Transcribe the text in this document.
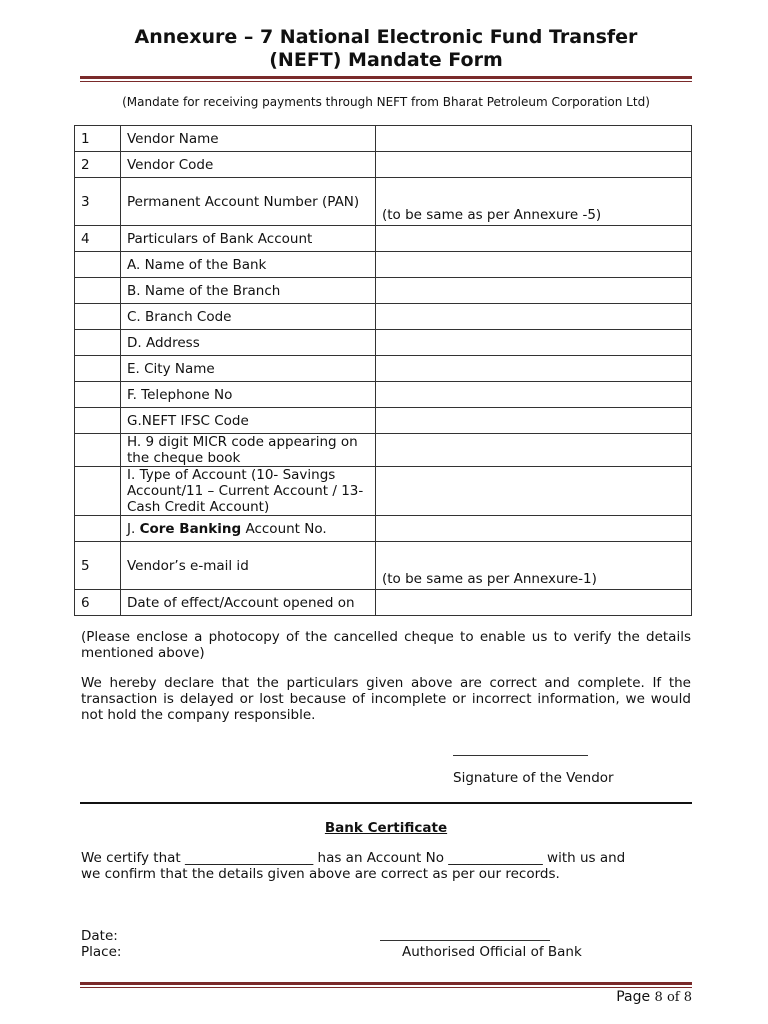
Annexure – 7 National Electronic Fund Transfer
(NEFT) Mandate Form
(Mandate for receiving payments through NEFT from Bharat Petroleum Corporation Ltd)
1	Vendor Name	
2	Vendor Code	
3	Permanent Account Number (PAN)	(to be same as per Annexure -5)
4	Particulars of Bank Account	
	A. Name of the Bank	
	B. Name of the Branch	
	C. Branch Code	
	D. Address	
	E. City Name	
	F. Telephone No	
	G.NEFT IFSC Code	
	H. 9 digit MICR code appearing on the cheque book	
	I. Type of Account (10- Savings Account/11 – Current Account / 13- Cash Credit Account)	
	J. Core Banking Account No.	
5	Vendor’s e-mail id	(to be same as per Annexure-1)
6	Date of effect/Account opened on	
(Please enclose a photocopy of the cancelled cheque to enable us to verify the details mentioned above)
We hereby declare that the particulars given above are correct and complete. If the transaction is delayed or lost because of incomplete or incorrect information, we would not hold the company responsible.
Signature of the Vendor
Bank Certificate
We certify that ___________________ has an Account No ______________ with us and
we confirm that the details given above are correct as per our records.
Date:
Place:	Authorised Official of Bank
Page 8 of 8
